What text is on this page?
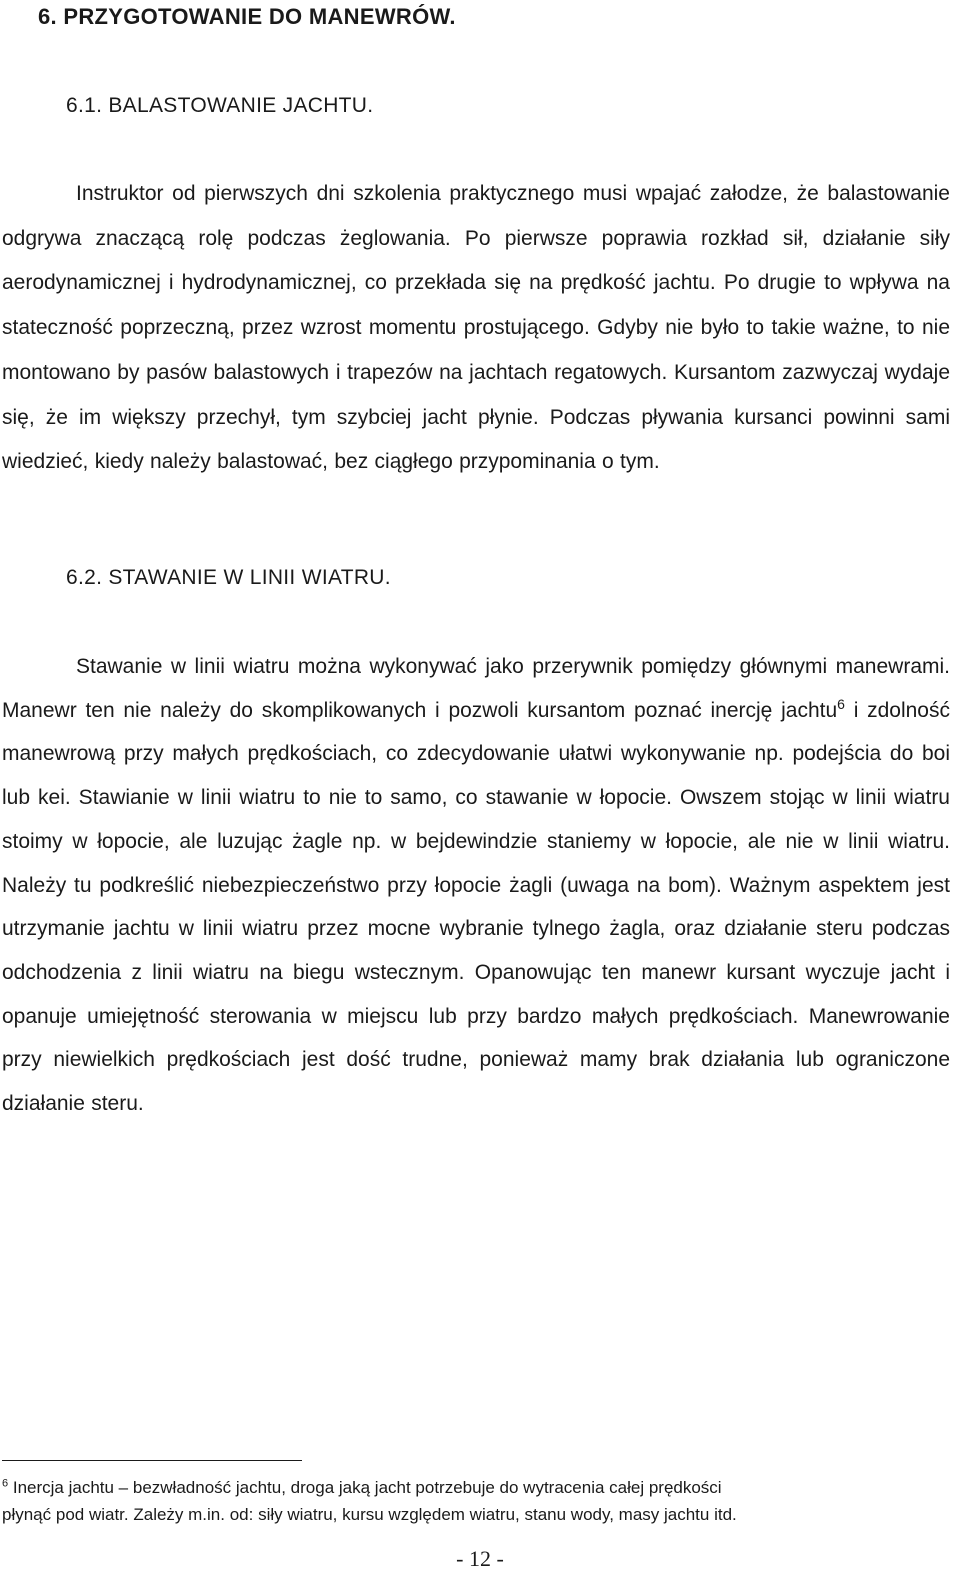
6. PRZYGOTOWANIE DO MANEWRÓW.
6.1. BALASTOWANIE JACHTU.

Instruktor od pierwszych dni szkolenia praktycznego musi wpajać załodze, że balastowanie odgrywa znaczącą rolę podczas żeglowania. Po pierwsze poprawia rozkład sił, działanie siły aerodynamicznej i hydrodynamicznej, co przekłada się na prędkość jachtu. Po drugie to wpływa na stateczność poprzeczną, przez wzrost momentu prostującego. Gdyby nie było to takie ważne, to nie montowano by pasów balastowych i trapezów na jachtach regatowych. Kursantom zazwyczaj wydaje się, że im większy przechył, tym szybciej jacht płynie. Podczas pływania kursanci powinni sami wiedzieć, kiedy należy balastować, bez ciągłego przypominania o tym.

6.2. STAWANIE W LINII WIATRU.

Stawanie w linii wiatru można wykonywać jako przerywnik pomiędzy głównymi manewrami. Manewr ten nie należy do skomplikowanych i pozwoli kursantom poznać inercję jachtu$^6$ i zdolność manewrową przy małych prędkościach, co zdecydowanie ułatwi wykonywanie np. podejścia do boi lub kei. Stawianie w linii wiatru to nie to samo, co stawanie w łopocie. Owszem stojąc w linii wiatru stoimy w łopocie, ale luzując żagle np. w bejdewindzie staniemy w łopocie, ale nie w linii wiatru. Należy tu podkreślić niebezpieczeństwo przy łopocie żagli (uwaga na bom). Ważnym aspektem jest utrzymanie jachtu w linii wiatru przez mocne wybranie tylnego żagla, oraz działanie steru podczas odchodzenia z linii wiatru na biegu wstecznym. Opanowując ten manewr kursant wyczuje jacht i opanuje umiejętność sterowania w miejscu lub przy bardzo małych prędkościach. Manewrowanie przy niewielkich prędkościach jest dość trudne, ponieważ mamy brak działania lub ograniczone działanie steru.

$^6$ Inercja jachtu – bezwładność jachtu, droga jaką jacht potrzebuje do wytracenia całej prędkości
płynąć pod wiatr. Zależy m.in. od: siły wiatru, kursu względem wiatru, stanu wody, masy jachtu itd.

- 12 -
